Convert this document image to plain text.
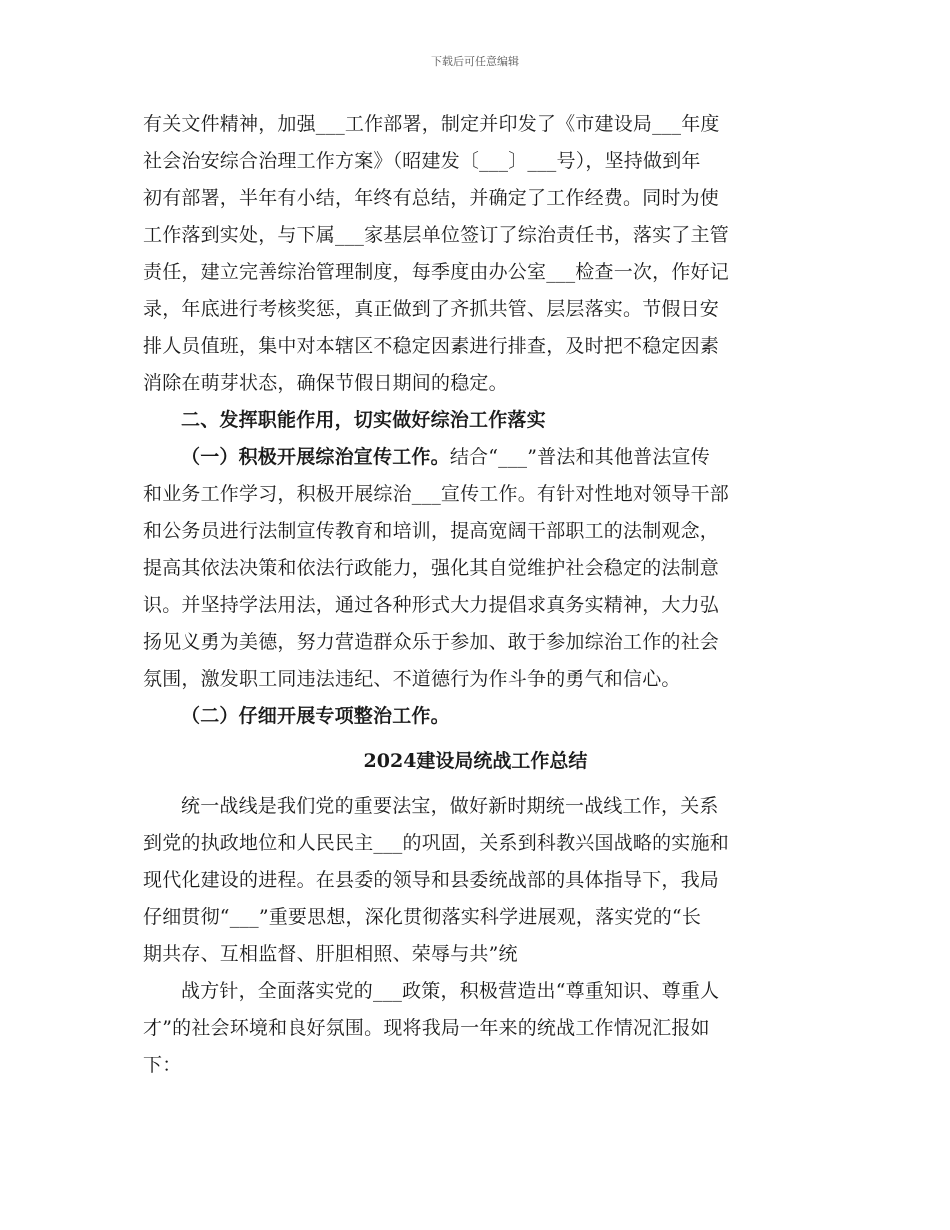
下载后可任意编辑
有关文件精神，加强___工作部署，制定并印发了《市建设局___年度
社会治安综合治理工作方案》（昭建发〔___〕___号），坚持做到年
初有部署，半年有小结，年终有总结，并确定了工作经费。同时为使
工作落到实处，与下属___家基层单位签订了综治责任书，落实了主管
责任，建立完善综治管理制度，每季度由办公室___检查一次，作好记
录，年底进行考核奖惩，真正做到了齐抓共管、层层落实。节假日安
排人员值班，集中对本辖区不稳定因素进行排查，及时把不稳定因素
消除在萌芽状态，确保节假日期间的稳定。
二、发挥职能作用，切实做好综治工作落实
（一）积极开展综治宣传工作。结合“___”普法和其他普法宣传
和业务工作学习，积极开展综治___宣传工作。有针对性地对领导干部
和公务员进行法制宣传教育和培训，提高宽阔干部职工的法制观念，
提高其依法决策和依法行政能力，强化其自觉维护社会稳定的法制意
识。并坚持学法用法，通过各种形式大力提倡求真务实精神，大力弘
扬见义勇为美德，努力营造群众乐于参加、敢于参加综治工作的社会
氛围，激发职工同违法违纪、不道德行为作斗争的勇气和信心。
（二）仔细开展专项整治工作。
2024建设局统战工作总结
统一战线是我们党的重要法宝，做好新时期统一战线工作，关系
到党的执政地位和人民民主___的巩固，关系到科教兴国战略的实施和
现代化建设的进程。在县委的领导和县委统战部的具体指导下，我局
仔细贯彻“___”重要思想，深化贯彻落实科学进展观，落实党的“长
期共存、互相监督、肝胆相照、荣辱与共”统
战方针，全面落实党的___政策，积极营造出“尊重知识、尊重人
才”的社会环境和良好氛围。现将我局一年来的统战工作情况汇报如
下：
